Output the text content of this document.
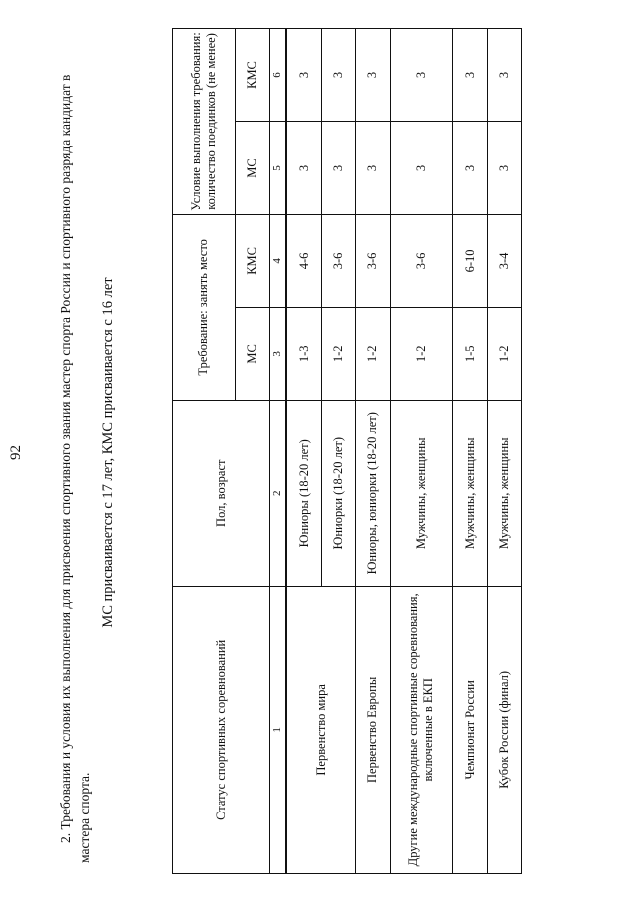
92	2. Требования и условия их выполнения для присвоения спортивного звания мастер спорта России и спортивного разряда кандидат в мастера спорта.

МС присваивается с 17 лет, КМС присваивается с 16 лет
Статус спортивных соревнований	Пол, возраст	Требование: занять место		Условие выполнения требования: количество поединков (не менее)	
		МС	КМС	МС	КМС
1	2	3	4	5	6
Первенство мира	Юниоры (18-20 лет)	1-3	4-6	3	3
	Юниорки (18-20 лет)	1-2	3-6	3	3
Первенство Европы	Юниоры, юниорки (18-20 лет)	1-2	3-6	3	3
Другие международные спортивные соревнования, включенные в ЕКП	Мужчины, женщины	1-2	3-6	3	3
Чемпионат России	Мужчины, женщины	1-5	6-10	3	3
Кубок России (финал)	Мужчины, женщины	1-2	3-4	3	3
